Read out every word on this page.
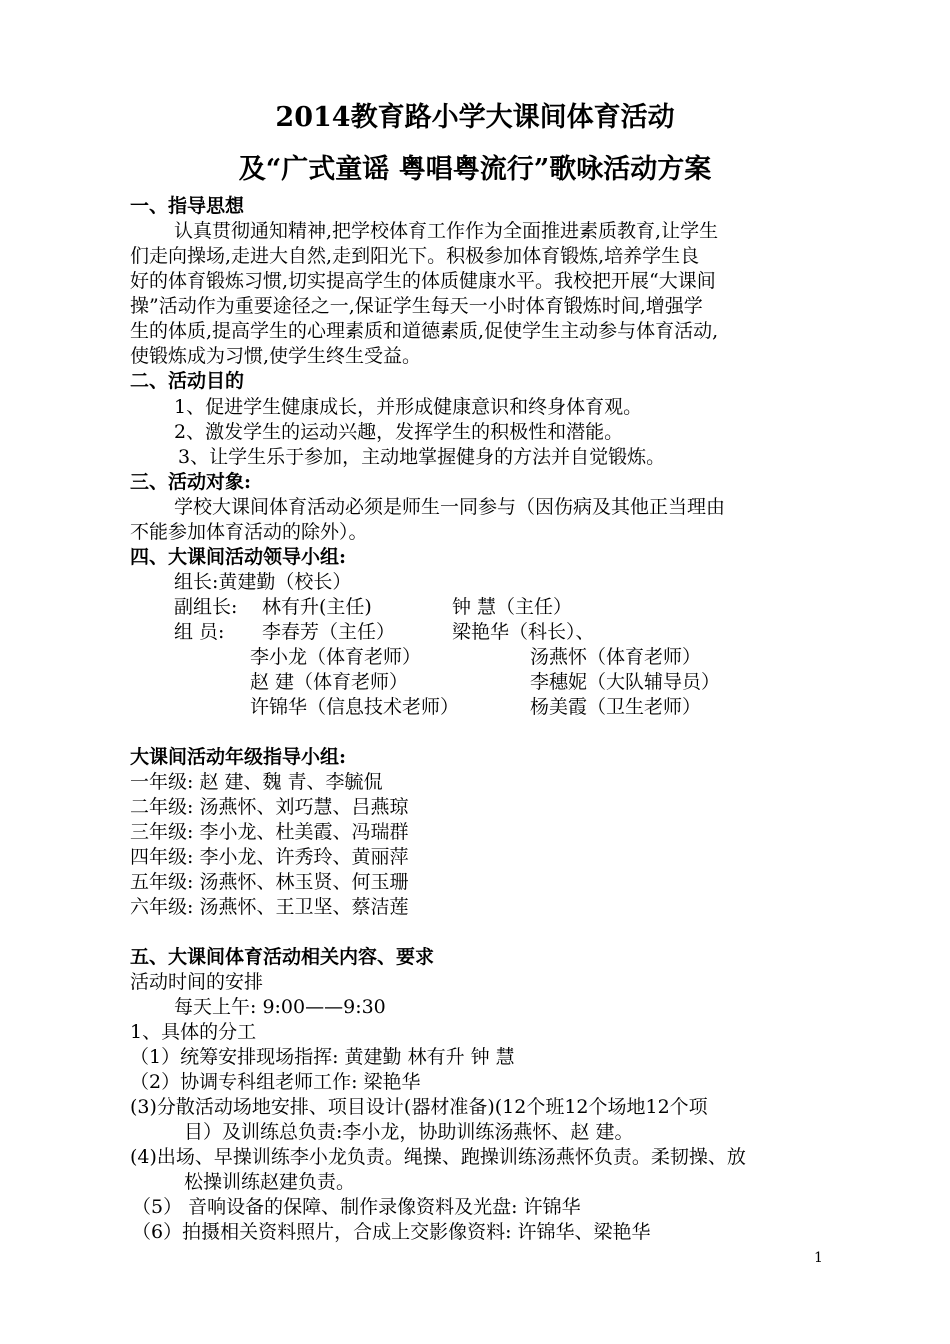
2014教育路小学大课间体育活动
及“广式童谣 粤唱粤流行”歌咏活动方案
一、指导思想
认真贯彻通知精神,把学校体育工作作为全面推进素质教育,让学生
们走向操场,走进大自然,走到阳光下。积极参加体育锻炼,培养学生良
好的体育锻炼习惯,切实提高学生的体质健康水平。我校把开展“大课间
操”活动作为重要途径之一,保证学生每天一小时体育锻炼时间,增强学
生的体质,提高学生的心理素质和道德素质,促使学生主动参与体育活动,
使锻炼成为习惯,使学生终生受益。
二、活动目的
1、促进学生健康成长，并形成健康意识和终身体育观。
2、激发学生的运动兴趣，发挥学生的积极性和潜能。
3、让学生乐于参加，主动地掌握健身的方法并自觉锻炼。
三、活动对象:
学校大课间体育活动必须是师生一同参与（因伤病及其他正当理由
不能参加体育活动的除外）。
四、大课间活动领导小组:
组长:黄建勤（校长）
副组长: 林有升(主任)	钟 慧（主任）
组 员: 李春芳（主任）	梁艳华（科长）、
李小龙（体育老师）	汤燕怀（体育老师）
赵 建（体育老师）	李穗妮（大队辅导员）
许锦华（信息技术老师）	杨美霞（卫生老师）
大课间活动年级指导小组:
一年级: 赵 建、魏 青、李毓侃
二年级: 汤燕怀、刘巧慧、吕燕琼
三年级: 李小龙、杜美霞、冯瑞群
四年级: 李小龙、许秀玲、黄丽萍
五年级: 汤燕怀、林玉贤、何玉珊
六年级: 汤燕怀、王卫坚、蔡洁莲
五、大课间体育活动相关内容、要求
活动时间的安排
每天上午: 9:00——9:30
1、具体的分工
（1）统筹安排现场指挥: 黄建勤 林有升 钟 慧
（2）协调专科组老师工作: 梁艳华
(3)分散活动场地安排、项目设计(器材准备)(12个班12个场地12个项
目）及训练总负责:李小龙，协助训练汤燕怀、赵 建。
(4)出场、早操训练李小龙负责。绳操、跑操训练汤燕怀负责。柔韧操、放
松操训练赵建负责。
（5） 音响设备的保障、制作录像资料及光盘: 许锦华
（6）拍摄相关资料照片，合成上交影像资料: 许锦华、梁艳华
1
